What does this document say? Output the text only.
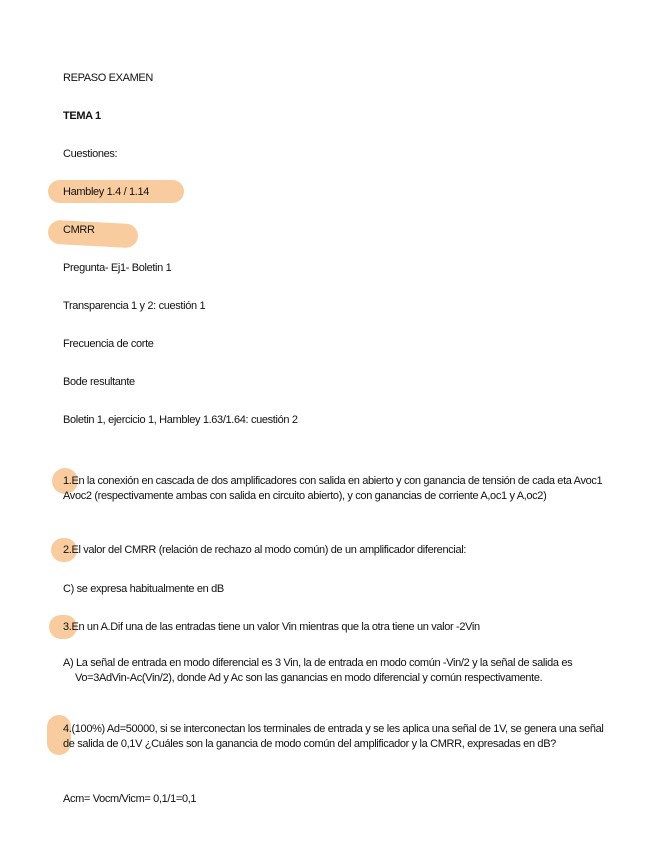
REPASO EXAMEN
TEMA 1
Cuestiones:
Hambley 1.4 / 1.14
CMRR
Pregunta- Ej1- Boletin 1
Transparencia 1 y 2: cuestión 1
Frecuencia de corte
Bode resultante
Boletin 1, ejercicio 1, Hambley 1.63/1.64: cuestión 2
1.En la conexión en cascada de dos amplificadores con salida en abierto y con ganancia de tensión de cada eta Avoc1 Avoc2 (respectivamente ambas con salida en circuito abierto), y con ganancias de corriente A,oc1 y A,oc2)
2.El valor del CMRR (relación de rechazo al modo común) de un amplificador diferencial:
C) se expresa habitualmente en dB
3.En un A.Dif una de las entradas tiene un valor Vin mientras que la otra tiene un valor -2Vin
A) La señal de entrada en modo diferencial es 3 Vin, la de entrada en modo común -Vin/2 y la señal de salida es Vo=3AdVin-Ac(Vin/2), donde Ad y Ac son las ganancias en modo diferencial y común respectivamente.
4.(100%) Ad=50000, si se interconectan los terminales de entrada y se les aplica una señal de 1V, se genera una señal de salida de 0,1V ¿Cuáles son la ganancia de modo común del amplificador y la CMRR, expresadas en dB?
Acm= Vocm/Vicm= 0,1/1=0,1
